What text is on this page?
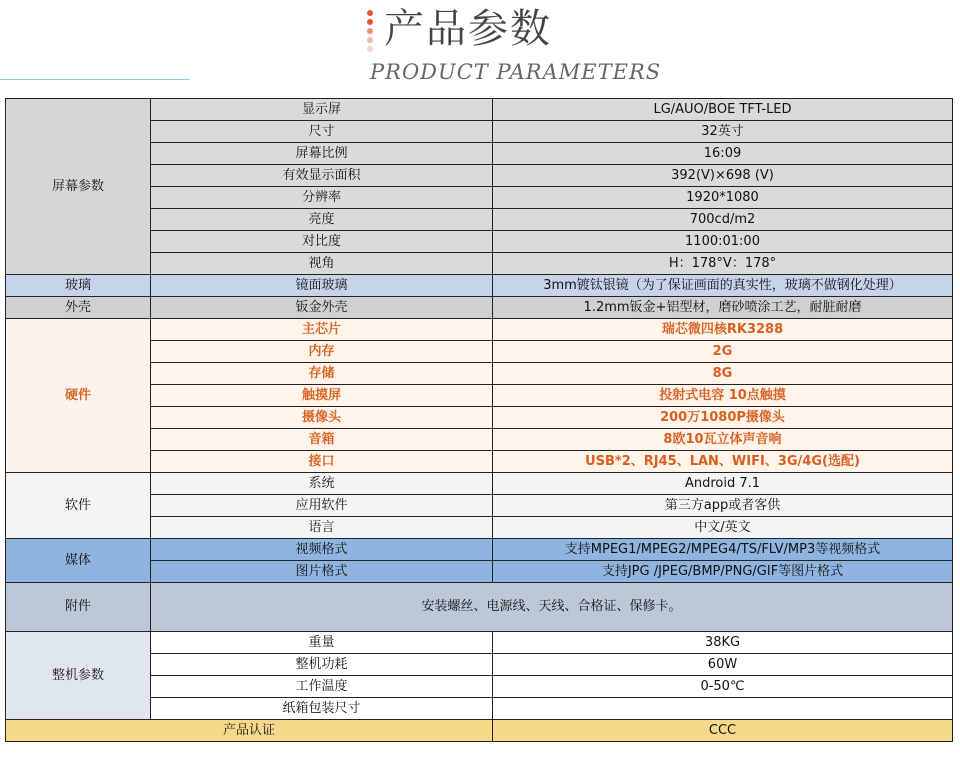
产品参数
PRODUCT PARAMETERS
屏幕参数	显示屏	LG/AUO/BOE TFT-LED
	尺寸	32英寸
	屏幕比例	16:09
	有效显示面积	392(V)×698 (V)
	分辨率	1920*1080
	亮度	700cd/m2
	对比度	1100:01:00
	视角	H：178°V：178°
玻璃	镜面玻璃	3mm镀钛银镜（为了保证画面的真实性，玻璃不做钢化处理）
外壳	钣金外壳	1.2mm钣金+铝型材，磨砂喷涂工艺，耐脏耐磨
硬件	主芯片	瑞芯微四核RK3288
	内存	2G
	存储	8G
	触摸屏	投射式电容 10点触摸
	摄像头	200万1080P摄像头
	音箱	8欧10瓦立体声音响
	接口	USB*2、RJ45、LAN、WIFI、3G/4G(选配)
软件	系统	Android 7.1
	应用软件	第三方app或者客供
	语言	中文/英文
媒体	视频格式	支持MPEG1/MPEG2/MPEG4/TS/FLV/MP3等视频格式
	图片格式	支持JPG /JPEG/BMP/PNG/GIF等图片格式
附件	安装螺丝、电源线、天线、合格证、保修卡。	
整机参数	重量	38KG
	整机功耗	60W
	工作温度	0-50℃
	纸箱包装尺寸	
产品认证		CCC
